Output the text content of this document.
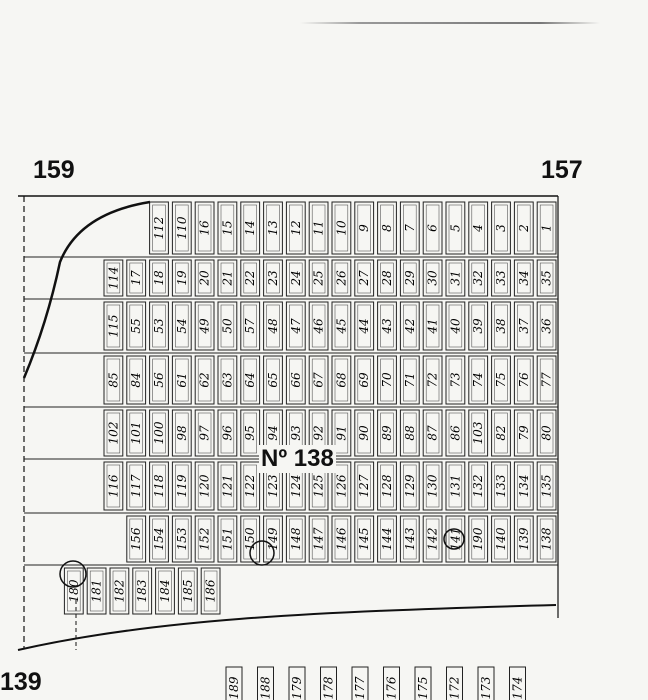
1
2
3
4
5
6
7
8
9
10
11
12
13
14
15
16
110
112
35
34
33
32
31
30
29
28
27
26
25
24
23
22
21
20
19
18
17
114
36
37
38
39
40
41
42
43
44
45
46
47
48
57
50
49
54
53
55
115
77
76
75
74
73
72
71
70
69
68
67
66
65
64
63
62
61
56
84
85
80
79
82
103
86
87
88
89
90
91
92
93
94
95
96
97
98
100
101
102
135
134
133
132
131
130
129
128
127
126
125
124
123
122
121
120
119
118
117
116
138
139
140
190
141
142
143
144
145
146
147
148
149
150
151
152
153
154
156
186
185
184
183
182
181
180
189 188 179 178 177 176 175 172 173 174
159	157
139
Nº 138
